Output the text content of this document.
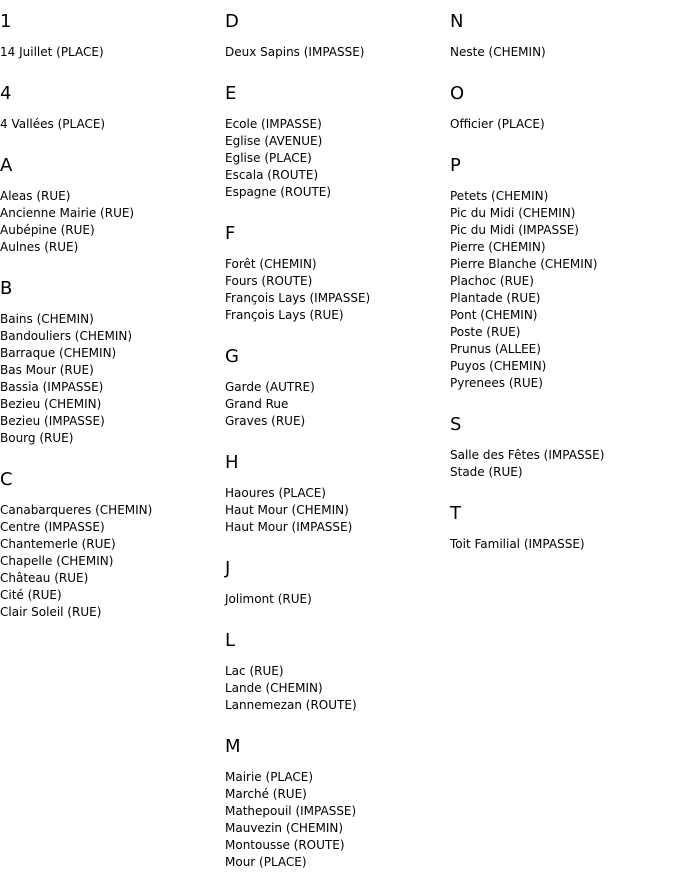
1
14 Juillet (PLACE)
4
4 Vallées (PLACE)
A
Aleas (RUE)
Ancienne Mairie (RUE)
Aubépine (RUE)
Aulnes (RUE)
B
Bains (CHEMIN)
Bandouliers (CHEMIN)
Barraque (CHEMIN)
Bas Mour (RUE)
Bassia (IMPASSE)
Bezieu (CHEMIN)
Bezieu (IMPASSE)
Bourg (RUE)
C
Canabarqueres (CHEMIN)
Centre (IMPASSE)
Chantemerle (RUE)
Chapelle (CHEMIN)
Château (RUE)
Cité (RUE)
Clair Soleil (RUE)
D
Deux Sapins (IMPASSE)
E
Ecole (IMPASSE)
Eglise (AVENUE)
Eglise (PLACE)
Escala (ROUTE)
Espagne (ROUTE)
F
Forêt (CHEMIN)
Fours (ROUTE)
François Lays (IMPASSE)
François Lays (RUE)
G
Garde (AUTRE)
Grand Rue
Graves (RUE)
H
Haoures (PLACE)
Haut Mour (CHEMIN)
Haut Mour (IMPASSE)
J
Jolimont (RUE)
L
Lac (RUE)
Lande (CHEMIN)
Lannemezan (ROUTE)
M
Mairie (PLACE)
Marché (RUE)
Mathepouil (IMPASSE)
Mauvezin (CHEMIN)
Montousse (ROUTE)
Mour (PLACE)
N
Neste (CHEMIN)
O
Officier (PLACE)
P
Petets (CHEMIN)
Pic du Midi (CHEMIN)
Pic du Midi (IMPASSE)
Pierre (CHEMIN)
Pierre Blanche (CHEMIN)
Plachoc (RUE)
Plantade (RUE)
Pont (CHEMIN)
Poste (RUE)
Prunus (ALLEE)
Puyos (CHEMIN)
Pyrenees (RUE)
S
Salle des Fêtes (IMPASSE)
Stade (RUE)
T
Toit Familial (IMPASSE)
